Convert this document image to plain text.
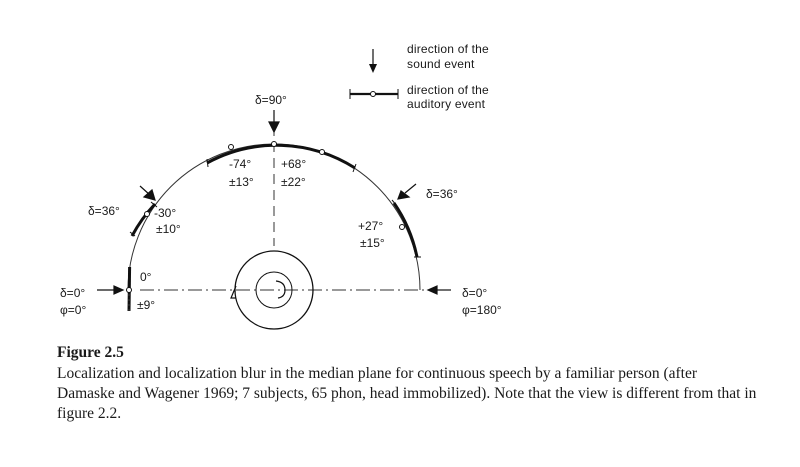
direction of the
sound event
direction of the
auditory event
δ=90°
δ=36°
δ=36°
δ=0°
φ=0°
δ=0°
φ=180°
0°
±9°
-30°
±10°
-74°
±13°
+68°
±22°
+27°
±15°
Figure 2.5
Localization and localization blur in the median plane for continuous speech by a familiar person (after Damaske and Wagener 1969; 7 subjects, 65 phon, head immobilized). Note that the view is different from that in figure 2.2.
